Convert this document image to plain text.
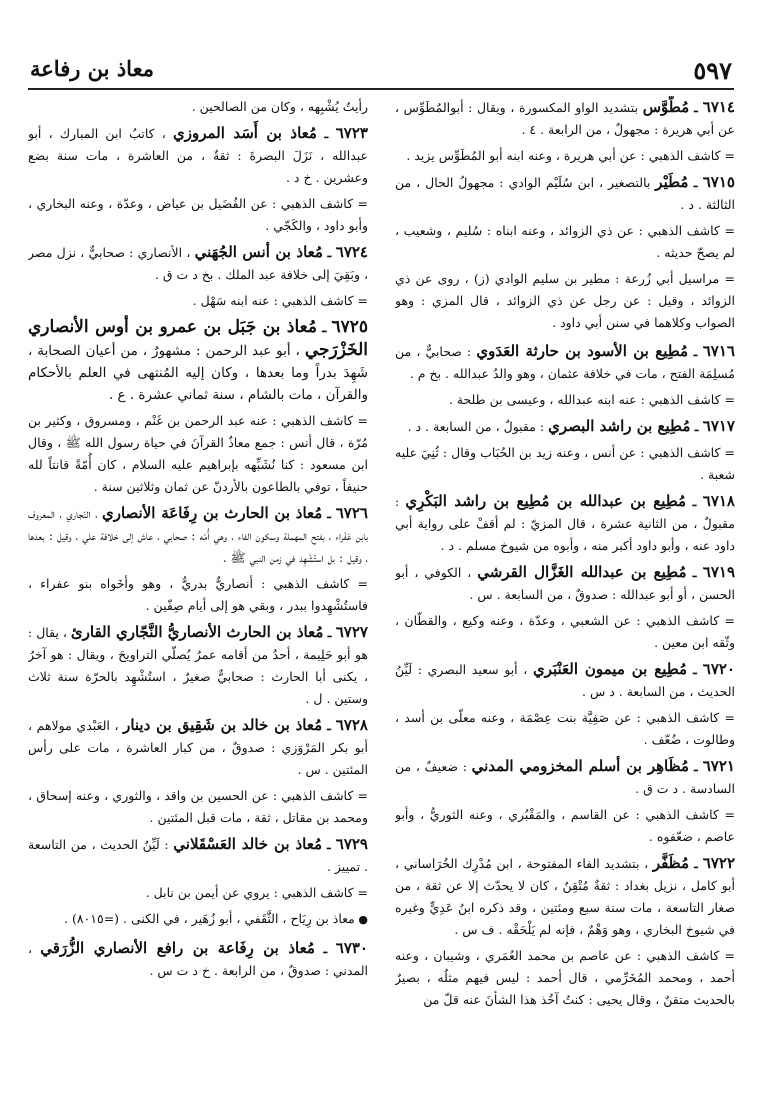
٥٩٧
معاذ بن رفاعة

٦٧١٤ ـ مُطَّوَّس بتشديد الواو المكسورة ، ويقال : أبوالمُطَوِّس ، عن أبي هريرة : مجهولٌ ، من الرابعة . ٤ .

= كاشف الذهبي : عن أبي هريرة ، وعنه ابنه أبو المُطَوِّس يزيد .

٦٧١٥ ـ مُطَيْر بالتصغير ، ابن سُلَيْم الوادي : مجهولُ الحال ، من الثالثة . د .

= كاشف الذهبي : عن ذي الزوائد ، وعنه ابناه : سُليم ، وشعيب ، لم يصحّ حديثه .

= مراسيل أبي زُرعة : مطير بن سليم الوادي (ز) ، روى عن ذي الزوائد ، وقيل : عن رجل عن ذي الزوائد ، قال المزي : وهو الصواب وكلاهما في سنن أبي داود .

٦٧١٦ ـ مُطِيع بن الأسود بن حارثة العَدَوي : صحابيٌّ ، من مُسلِمَة الفتح ، مات في خلافة عثمان ، وهو والدُ عبدالله . بخ م .

= كاشف الذهبي : عنه ابنه عبدالله ، وعيسى بن طلحة .

٦٧١٧ ـ مُطِيع بن راشد البصري : مقبولٌ ، من السابعة . د .

= كاشف الذهبي : عن أنس ، وعنه زيد بن الحُبَاب وقال : ثُنِيَ عليه شعبة .

٦٧١٨ ـ مُطِيع بن عبدالله بن مُطِيع بن راشد البَكْرِي : مقبولٌ ، من الثانية عشرة ، قال المزيّ : لم أقفْ على رواية أبي داود عنه ، وأبو داود أكبر منه ، وأبوه من شيوخ مسلم . د .

٦٧١٩ ـ مُطِيع بن عبدالله الغَزَّال القرشي ، الكوفي ، أبو الحسن ، أو أبو عبدالله : صدوقٌ ، من السابعة . س .

= كاشف الذهبي : عن الشعبي ، وعدّة ، وعنه وكيع ، والقطّان ، وثّقه ابن معين .

٦٧٢٠ ـ مُطِيع بن ميمون العَنْبَري ، أبو سعيد البصري : لَيِّنُ الحديث ، من السابعة . د س .

= كاشف الذهبي : عن صَفِيَّة بنت عِصْمَة ، وعنه معلّى بن أسد ، وطالوت ، ضُعّف .

٦٧٢١ ـ مُظَاهِر بن أسلم المخزومي المدني : ضعيفٌ ، من السادسة . د ت ق .

= كاشف الذهبي : عن القاسم ، والمَقْبُري ، وعنه الثوريُّ ، وأبو عاصم ، ضعّفوه .

٦٧٢٢ ـ مُظَفَّر ، بتشديد الفاء المفتوحة ، ابن مُدْرِك الخُرَاساني ، أبو كامل ، نزيل بغداد : ثقةٌ مُتْقِنٌ ، كان لا يحدّث إلا عن ثقة ، من صغار التاسعة ، مات سنة سبع ومئتين ، وقد ذكره ابنُ عَدِيٍّ وغيره في شيوخ البخاري ، وهو وَهْمٌ ، فإنه لم يَلْحَقْه . ف س .

= كاشف الذهبي : عن عاصم بن محمد العُمَري ، وشيبان ، وعنه أحمد ، ومحمد المُخَرِّمي ، قال أحمد : ليس فيهم مثلُه ، بصيرٌ بالحديث متقنٌ ، وقال يحيى : كنتُ آخُذ هذا الشأنَ عنه قلّ من

رأيتُ يُشْبِهه ، وكان من الصالحين .

٦٧٢٣ ـ مُعاذ بن أَسَد المروزي ، كاتبُ ابن المبارك ، أبو عبدالله ، نَزَلَ البصرةَ : ثقةٌ ، من العاشرة ، مات سنة بضع وعشرين . خ د .

= كاشف الذهبي : عن الفُضَيل بن عياض ، وعدّة ، وعنه البخاري ، وأبو داود ، والكَجّي .

٦٧٢٤ ـ مُعاذ بن أنس الجُهَني ، الأنصاري : صحابيٌّ ، نزل مصر ، وبَقِيَ إلى خلافة عبد الملك . بخ د ت ق .

= كاشف الذهبي : عنه ابنه سَهْل .

٦٧٢٥ ـ مُعاذ بن جَبَل بن عمرو بن أوس الأنصاري الخَزْرَجي ، أبو عبد الرحمن : مشهورٌ ، من أعيان الصحابة ، شَهِدَ بدراً وما بعدها ، وكان إليه المُنتهى في العلم بالأحكام والقرآن ، مات بالشام ، سنة ثماني عشرة . ع .

= كاشف الذهبي : عنه عبد الرحمن بن غَنْم ، ومسروق ، وكثير بن مُرّة ، قال أنس : جمع معاذٌ القرآنَ في حياة رسول الله ﷺ ، وقال ابن مسعود : كنا نُشَبِّهه بإبراهيم عليه السلام ، كان أُمّةً قانتاً لله حنيفاً ، توفي بالطاعون بالأردنّ عن ثمان وثلاثين سنة .

٦٧٢٦ ـ مُعاذ بن الحارث بن رِفَاعَة الأنصاري ، النّجاري ، المعروف بابن عَفْراء ، بفتح المهملة وسكون الفاء ، وهي أُمّه : صحابي ، عاش إلى خلافة علي ، وقيل : بعدها ، وقيل : بل استُشْهِد في زمن النبي ﷺ .

= كاشف الذهبي : أنصاريٌّ بدريٌّ ، وهو وأخَواه بنو عفراء ، فاستُشْهِدوا ببدر ، وبقي هو إلى أيام صِفّين .

٦٧٢٧ ـ مُعاذ بن الحارث الأنصاريُّ النَّجّاري القارئ ، يقال : هو أبو حَلِيمة ، أحدُ من أقامه عمرُ يُصلّي التراويحَ ، ويقال : هو آخرُ ، يكنى أبا الحارث : صحابيٌّ صغيرٌ ، استُشْهِد بالحرّة سنة ثلاث وستين . ل .

٦٧٢٨ ـ مُعاذ بن خالد بن شَقِيق بن دينار ، العَبْدي مولاهم ، أبو بكر المَرْوَزي : صدوقٌ ، من كبار العاشرة ، مات على رأس المئتين . س .

= كاشف الذهبي : عن الحسين بن واقد ، والثوري ، وعنه إسحاق ، ومحمد بن مقاتل ، ثقة ، مات قبل المئتين .

٦٧٢٩ ـ مُعاذ بن خالد العَسْقَلاني : لَيِّنُ الحديث ، من التاسعة . تمييز .

= كاشف الذهبي : يروي عن أيمن بن نابل .

● معاذ بن رِيَاح ، الثَّقَفي ، أبو زُهَير ، في الكنى . (=٨٠١٥) .

٦٧٣٠ ـ مُعاذ بن رِفَاعة بن رافع الأنصاري الزُّرَقي ، المدني : صدوقٌ ، من الرابعة . خ د ت س .
